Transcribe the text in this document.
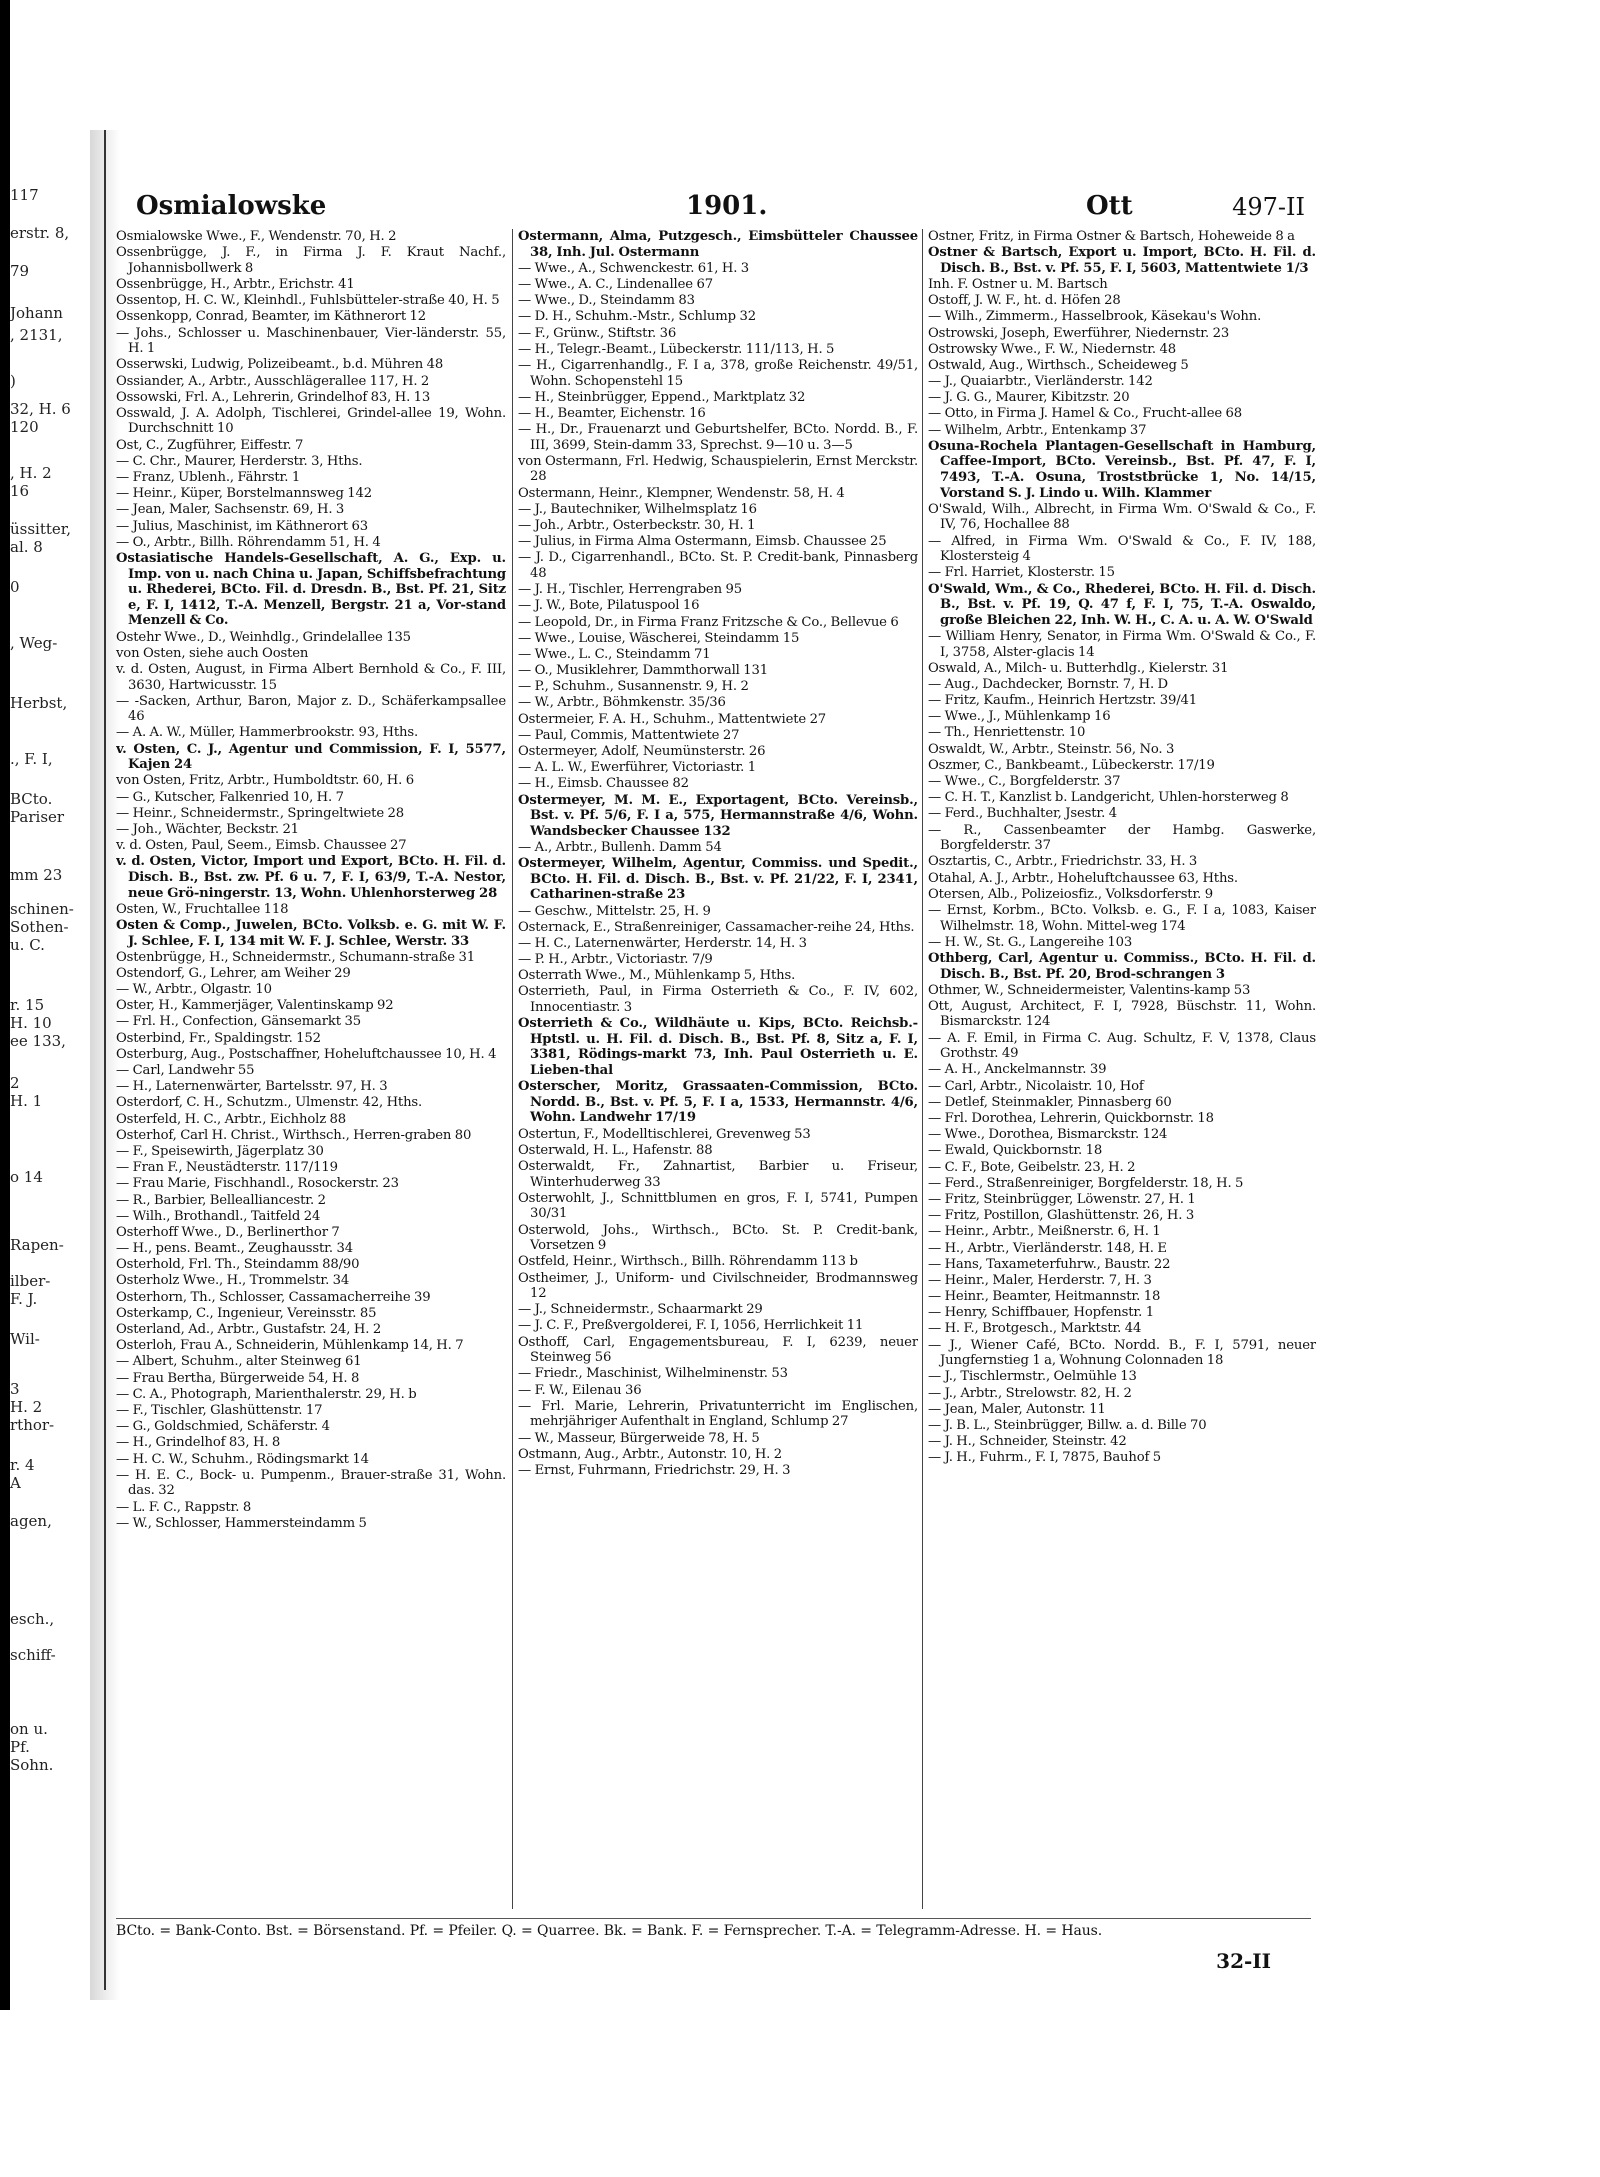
117
erstr. 8,
79
Johann
, 2131,
)
32, H. 6
120
, H. 2
16
üssitter,
al. 8
0
, Weg-
Herbst,
., F. I,
BCto.
Pariser
mm 23
schinen-
Sothen-
u. C.
r. 15
H. 10
ee 133,
2
H. 1
o 14
Rapen-
ilber-
F. J.
Wil-
3
H. 2
rthor-
r. 4
A
agen,
esch.,
schiff-
on u.
Pf.
Sohn.
Osmialowske	1901.	Ott	497-II
Osmialowske Wwe., F., Wendenstr. 70, H. 2
Ossenbrügge, J. F., in Firma J. F. Kraut Nachf., Johannisbollwerk 8
Ossenbrügge, H., Arbtr., Erichstr. 41
Ossentop, H. C. W., Kleinhdl., Fuhlsbütteler-straße 40, H. 5
Ossenkopp, Conrad, Beamter, im Käthnerort 12
— Johs., Schlosser u. Maschinenbauer, Vier-länderstr. 55, H. 1
Osserwski, Ludwig, Polizeibeamt., b.d. Mühren 48
Ossiander, A., Arbtr., Ausschlägerallee 117, H. 2
Ossowski, Frl. A., Lehrerin, Grindelhof 83, H. 13
Osswald, J. A. Adolph, Tischlerei, Grindel-allee 19, Wohn. Durchschnitt 10
Ost, C., Zugführer, Eiffestr. 7
— C. Chr., Maurer, Herderstr. 3, Hths.
— Franz, Ublenh., Fährstr. 1
— Heinr., Küper, Borstelmannsweg 142
— Jean, Maler, Sachsenstr. 69, H. 3
— Julius, Maschinist, im Käthnerort 63
— O., Arbtr., Billh. Röhrendamm 51, H. 4
Ostasiatische Handels-Gesellschaft, A. G., Exp. u. Imp. von u. nach China u. Japan, Schiffsbefrachtung u. Rhederei, BCto. Fil. d. Dresdn. B., Bst. Pf. 21, Sitz e, F. I, 1412, T.-A. Menzell, Bergstr. 21 a, Vor-stand Menzell & Co.
Ostehr Wwe., D., Weinhdlg., Grindelallee 135
von Osten, siehe auch Oosten
v. d. Osten, August, in Firma Albert Bernhold & Co., F. III, 3630, Hartwicusstr. 15
— -Sacken, Arthur, Baron, Major z. D., Schäferkampsallee 46
— A. A. W., Müller, Hammerbrookstr. 93, Hths.
v. Osten, C. J., Agentur und Commission, F. I, 5577, Kajen 24
von Osten, Fritz, Arbtr., Humboldtstr. 60, H. 6
— G., Kutscher, Falkenried 10, H. 7
— Heinr., Schneidermstr., Springeltwiete 28
— Joh., Wächter, Beckstr. 21
v. d. Osten, Paul, Seem., Eimsb. Chaussee 27
v. d. Osten, Victor, Import und Export, BCto. H. Fil. d. Disch. B., Bst. zw. Pf. 6 u. 7, F. I, 63/9, T.-A. Nestor, neue Grö-ningerstr. 13, Wohn. Uhlenhorsterweg 28
Osten, W., Fruchtallee 118
Osten & Comp., Juwelen, BCto. Volksb. e. G. mit W. F. J. Schlee, F. I, 134 mit W. F. J. Schlee, Werstr. 33
Ostenbrügge, H., Schneidermstr., Schumann-straße 31
Ostendorf, G., Lehrer, am Weiher 29
— W., Arbtr., Olgastr. 10
Oster, H., Kammerjäger, Valentinskamp 92
— Frl. H., Confection, Gänsemarkt 35
Osterbind, Fr., Spaldingstr. 152
Osterburg, Aug., Postschaffner, Hoheluftchaussee 10, H. 4
— Carl, Landwehr 55
— H., Laternenwärter, Bartelsstr. 97, H. 3
Osterdorf, C. H., Schutzm., Ulmenstr. 42, Hths.
Osterfeld, H. C., Arbtr., Eichholz 88
Osterhof, Carl H. Christ., Wirthsch., Herren-graben 80
— F., Speisewirth, Jägerplatz 30
— Fran F., Neustädterstr. 117/119
— Frau Marie, Fischhandl., Rosockerstr. 23
— R., Barbier, Bellealliancestr. 2
— Wilh., Brothandl., Taitfeld 24
Osterhoff Wwe., D., Berlinerthor 7
— H., pens. Beamt., Zeughausstr. 34
Osterhold, Frl. Th., Steindamm 88/90
Osterholz Wwe., H., Trommelstr. 34
Osterhorn, Th., Schlosser, Cassamacherreihe 39
Osterkamp, C., Ingenieur, Vereinsstr. 85
Osterland, Ad., Arbtr., Gustafstr. 24, H. 2
Osterloh, Frau A., Schneiderin, Mühlenkamp 14, H. 7
— Albert, Schuhm., alter Steinweg 61
— Frau Bertha, Bürgerweide 54, H. 8
— C. A., Photograph, Marienthalerstr. 29, H. b
— F., Tischler, Glashüttenstr. 17
— G., Goldschmied, Schäferstr. 4
— H., Grindelhof 83, H. 8
— H. C. W., Schuhm., Rödingsmarkt 14
— H. E. C., Bock- u. Pumpenm., Brauer-straße 31, Wohn. das. 32
— L. F. C., Rappstr. 8
— W., Schlosser, Hammersteindamm 5
Ostermann, Alma, Putzgesch., Eimsbütteler Chaussee 38, Inh. Jul. Ostermann
— Wwe., A., Schwenckestr. 61, H. 3
— Wwe., A. C., Lindenallee 67
— Wwe., D., Steindamm 83
— D. H., Schuhm.-Mstr., Schlump 32
— F., Grünw., Stiftstr. 36
— H., Telegr.-Beamt., Lübeckerstr. 111/113, H. 5
— H., Cigarrenhandlg., F. I a, 378, große Reichenstr. 49/51, Wohn. Schopenstehl 15
— H., Steinbrügger, Eppend., Marktplatz 32
— H., Beamter, Eichenstr. 16
— H., Dr., Frauenarzt und Geburtshelfer, BCto. Nordd. B., F. III, 3699, Stein-damm 33, Sprechst. 9—10 u. 3—5
von Ostermann, Frl. Hedwig, Schauspielerin, Ernst Merckstr. 28
Ostermann, Heinr., Klempner, Wendenstr. 58, H. 4
— J., Bautechniker, Wilhelmsplatz 16
— Joh., Arbtr., Osterbeckstr. 30, H. 1
— Julius, in Firma Alma Ostermann, Eimsb. Chaussee 25
— J. D., Cigarrenhandl., BCto. St. P. Credit-bank, Pinnasberg 48
— J. H., Tischler, Herrengraben 95
— J. W., Bote, Pilatuspool 16
— Leopold, Dr., in Firma Franz Fritzsche & Co., Bellevue 6
— Wwe., Louise, Wäscherei, Steindamm 15
— Wwe., L. C., Steindamm 71
— O., Musiklehrer, Dammthorwall 131
— P., Schuhm., Susannenstr. 9, H. 2
— W., Arbtr., Böhmkenstr. 35/36
Ostermeier, F. A. H., Schuhm., Mattentwiete 27
— Paul, Commis, Mattentwiete 27
Ostermeyer, Adolf, Neumünsterstr. 26
— A. L. W., Ewerführer, Victoriastr. 1
— H., Eimsb. Chaussee 82
Ostermeyer, M. M. E., Exportagent, BCto. Vereinsb., Bst. v. Pf. 5/6, F. I a, 575, Hermannstraße 4/6, Wohn. Wandsbecker Chaussee 132
— A., Arbtr., Bullenh. Damm 54
Ostermeyer, Wilhelm, Agentur, Commiss. und Spedit., BCto. H. Fil. d. Disch. B., Bst. v. Pf. 21/22, F. I, 2341, Catharinen-straße 23
— Geschw., Mittelstr. 25, H. 9
Osternack, E., Straßenreiniger, Cassamacher-reihe 24, Hths.
— H. C., Laternenwärter, Herderstr. 14, H. 3
— P. H., Arbtr., Victoriastr. 7/9
Osterrath Wwe., M., Mühlenkamp 5, Hths.
Osterrieth, Paul, in Firma Osterrieth & Co., F. IV, 602, Innocentiastr. 3
Osterrieth & Co., Wildhäute u. Kips, BCto. Reichsb.-Hptstl. u. H. Fil. d. Disch. B., Bst. Pf. 8, Sitz a, F. I, 3381, Rödings-markt 73, Inh. Paul Osterrieth u. E. Lieben-thal
Osterscher, Moritz, Grassaaten-Commission, BCto. Nordd. B., Bst. v. Pf. 5, F. I a, 1533, Hermannstr. 4/6, Wohn. Landwehr 17/19
Ostertun, F., Modelltischlerei, Grevenweg 53
Osterwald, H. L., Hafenstr. 88
Osterwaldt, Fr., Zahnartist, Barbier u. Friseur, Winterhuderweg 33
Osterwohlt, J., Schnittblumen en gros, F. I, 5741, Pumpen 30/31
Osterwold, Johs., Wirthsch., BCto. St. P. Credit-bank, Vorsetzen 9
Ostfeld, Heinr., Wirthsch., Billh. Röhrendamm 113 b
Ostheimer, J., Uniform- und Civilschneider, Brodmannsweg 12
— J., Schneidermstr., Schaarmarkt 29
— J. C. F., Preßvergolderei, F. I, 1056, Herrlichkeit 11
Osthoff, Carl, Engagementsbureau, F. I, 6239, neuer Steinweg 56
— Friedr., Maschinist, Wilhelminenstr. 53
— F. W., Eilenau 36
— Frl. Marie, Lehrerin, Privatunterricht im Englischen, mehrjähriger Aufenthalt in England, Schlump 27
— W., Masseur, Bürgerweide 78, H. 5
Ostmann, Aug., Arbtr., Autonstr. 10, H. 2
— Ernst, Fuhrmann, Friedrichstr. 29, H. 3
Ostner, Fritz, in Firma Ostner & Bartsch, Hoheweide 8 a
Ostner & Bartsch, Export u. Import, BCto. H. Fil. d. Disch. B., Bst. v. Pf. 55, F. I, 5603, Mattentwiete 1/3
Inh. F. Ostner u. M. Bartsch
Ostoff, J. W. F., ht. d. Höfen 28
— Wilh., Zimmerm., Hasselbrook, Käsekau's Wohn.
Ostrowski, Joseph, Ewerführer, Niedernstr. 23
Ostrowsky Wwe., F. W., Niedernstr. 48
Ostwald, Aug., Wirthsch., Scheideweg 5
— J., Quaiarbtr., Vierländerstr. 142
— J. G. G., Maurer, Kibitzstr. 20
— Otto, in Firma J. Hamel & Co., Frucht-allee 68
— Wilhelm, Arbtr., Entenkamp 37
Osuna-Rochela Plantagen-Gesellschaft in Hamburg, Caffee-Import, BCto. Vereinsb., Bst. Pf. 47, F. I, 7493, T.-A. Osuna, Troststbrücke 1, No. 14/15, Vorstand S. J. Lindo u. Wilh. Klammer
O'Swald, Wilh., Albrecht, in Firma Wm. O'Swald & Co., F. IV, 76, Hochallee 88
— Alfred, in Firma Wm. O'Swald & Co., F. IV, 188, Klostersteig 4
— Frl. Harriet, Klosterstr. 15
O'Swald, Wm., & Co., Rhederei, BCto. H. Fil. d. Disch. B., Bst. v. Pf. 19, Q. 47 f, F. I, 75, T.-A. Oswaldo, große Bleichen 22, Inh. W. H., C. A. u. A. W. O'Swald
— William Henry, Senator, in Firma Wm. O'Swald & Co., F. I, 3758, Alster-glacis 14
Oswald, A., Milch- u. Butterhdlg., Kielerstr. 31
— Aug., Dachdecker, Bornstr. 7, H. D
— Fritz, Kaufm., Heinrich Hertzstr. 39/41
— Wwe., J., Mühlenkamp 16
— Th., Henriettenstr. 10
Oswaldt, W., Arbtr., Steinstr. 56, No. 3
Oszmer, C., Bankbeamt., Lübeckerstr. 17/19
— Wwe., C., Borgfelderstr. 37
— C. H. T., Kanzlist b. Landgericht, Uhlen-horsterweg 8
— Ferd., Buchhalter, Jsestr. 4
— R., Cassenbeamter der Hambg. Gaswerke, Borgfelderstr. 37
Osztartis, C., Arbtr., Friedrichstr. 33, H. 3
Otahal, A. J., Arbtr., Hoheluftchaussee 63, Hths.
Otersen, Alb., Polizeiosfiz., Volksdorferstr. 9
— Ernst, Korbm., BCto. Volksb. e. G., F. I a, 1083, Kaiser Wilhelmstr. 18, Wohn. Mittel-weg 174
— H. W., St. G., Langereihe 103
Othberg, Carl, Agentur u. Commiss., BCto. H. Fil. d. Disch. B., Bst. Pf. 20, Brod-schrangen 3
Othmer, W., Schneidermeister, Valentins-kamp 53
Ott, August, Architect, F. I, 7928, Büschstr. 11, Wohn. Bismarckstr. 124
— A. F. Emil, in Firma C. Aug. Schultz, F. V, 1378, Claus Grothstr. 49
— A. H., Anckelmannstr. 39
— Carl, Arbtr., Nicolaistr. 10, Hof
— Detlef, Steinmakler, Pinnasberg 60
— Frl. Dorothea, Lehrerin, Quickbornstr. 18
— Wwe., Dorothea, Bismarckstr. 124
— Ewald, Quickbornstr. 18
— C. F., Bote, Geibelstr. 23, H. 2
— Ferd., Straßenreiniger, Borgfelderstr. 18, H. 5
— Fritz, Steinbrügger, Löwenstr. 27, H. 1
— Fritz, Postillon, Glashüttenstr. 26, H. 3
— Heinr., Arbtr., Meißnerstr. 6, H. 1
— H., Arbtr., Vierländerstr. 148, H. E
— Hans, Taxameterfuhrw., Baustr. 22
— Heinr., Maler, Herderstr. 7, H. 3
— Heinr., Beamter, Heitmannstr. 18
— Henry, Schiffbauer, Hopfenstr. 1
— H. F., Brotgesch., Marktstr. 44
— J., Wiener Café, BCto. Nordd. B., F. I, 5791, neuer Jungfernstieg 1 a, Wohnung Colonnaden 18
— J., Tischlermstr., Oelmühle 13
— J., Arbtr., Strelowstr. 82, H. 2
— Jean, Maler, Autonstr. 11
— J. B. L., Steinbrügger, Billw. a. d. Bille 70
— J. H., Schneider, Steinstr. 42
— J. H., Fuhrm., F. I, 7875, Bauhof 5
BCto. = Bank-Conto. Bst. = Börsenstand. Pf. = Pfeiler. Q. = Quarree. Bk. = Bank. F. = Fernsprecher. T.-A. = Telegramm-Adresse. H. = Haus.
32-II
